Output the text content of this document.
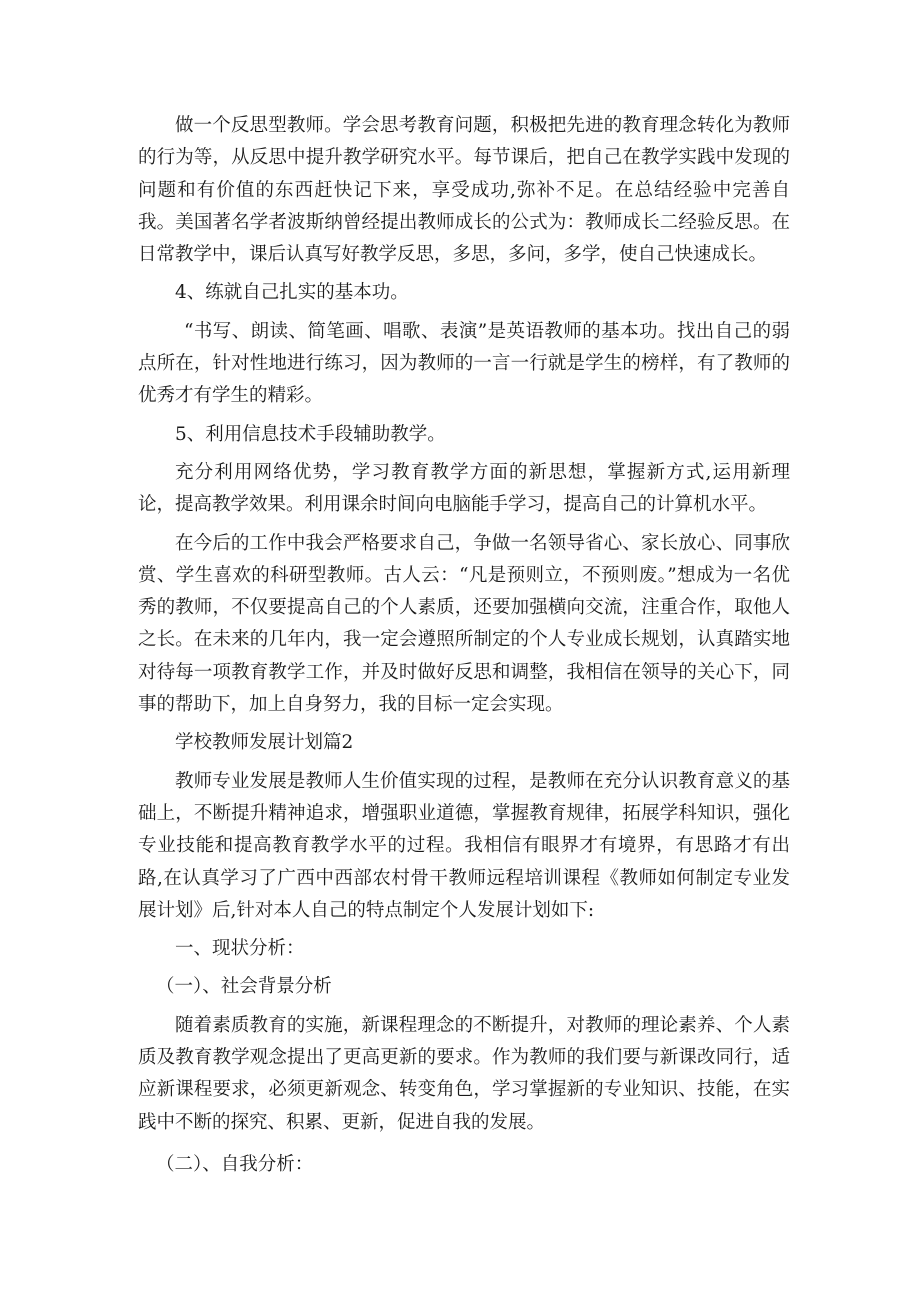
做一个反思型教师。学会思考教育问题，积极把先进的教育理念转化为教师的行为等，从反思中提升教学研究水平。每节课后，把自己在教学实践中发现的问题和有价值的东西赶快记下来，享受成功,弥补不足。在总结经验中完善自我。美国著名学者波斯纳曾经提出教师成长的公式为：教师成长二经验反思。在日常教学中，课后认真写好教学反思，多思，多问，多学，使自己快速成长。

4、练就自己扎实的基本功。

“书写、朗读、简笔画、唱歌、表演”是英语教师的基本功。找出自己的弱点所在，针对性地进行练习，因为教师的一言一行就是学生的榜样，有了教师的优秀才有学生的精彩。

5、利用信息技术手段辅助教学。

充分利用网络优势，学习教育教学方面的新思想，掌握新方式,运用新理论，提高教学效果。利用课余时间向电脑能手学习，提高自己的计算机水平。

在今后的工作中我会严格要求自己，争做一名领导省心、家长放心、同事欣赏、学生喜欢的科研型教师。古人云：“凡是预则立，不预则废。”想成为一名优秀的教师，不仅要提高自己的个人素质，还要加强横向交流，注重合作，取他人之长。在未来的几年内，我一定会遵照所制定的个人专业成长规划，认真踏实地对待每一项教育教学工作，并及时做好反思和调整，我相信在领导的关心下，同事的帮助下，加上自身努力，我的目标一定会实现。

学校教师发展计划篇2

教师专业发展是教师人生价值实现的过程，是教师在充分认识教育意义的基础上，不断提升精神追求，增强职业道德，掌握教育规律，拓展学科知识，强化专业技能和提高教育教学水平的过程。我相信有眼界才有境界，有思路才有出路,在认真学习了广西中西部农村骨干教师远程培训课程《教师如何制定专业发展计划》后,针对本人自己的特点制定个人发展计划如下:

一、现状分析：

（一）、社会背景分析

随着素质教育的实施，新课程理念的不断提升，对教师的理论素养、个人素质及教育教学观念提出了更高更新的要求。作为教师的我们要与新课改同行，适应新课程要求，必须更新观念、转变角色，学习掌握新的专业知识、技能，在实践中不断的探究、积累、更新，促进自我的发展。

（二）、自我分析：
